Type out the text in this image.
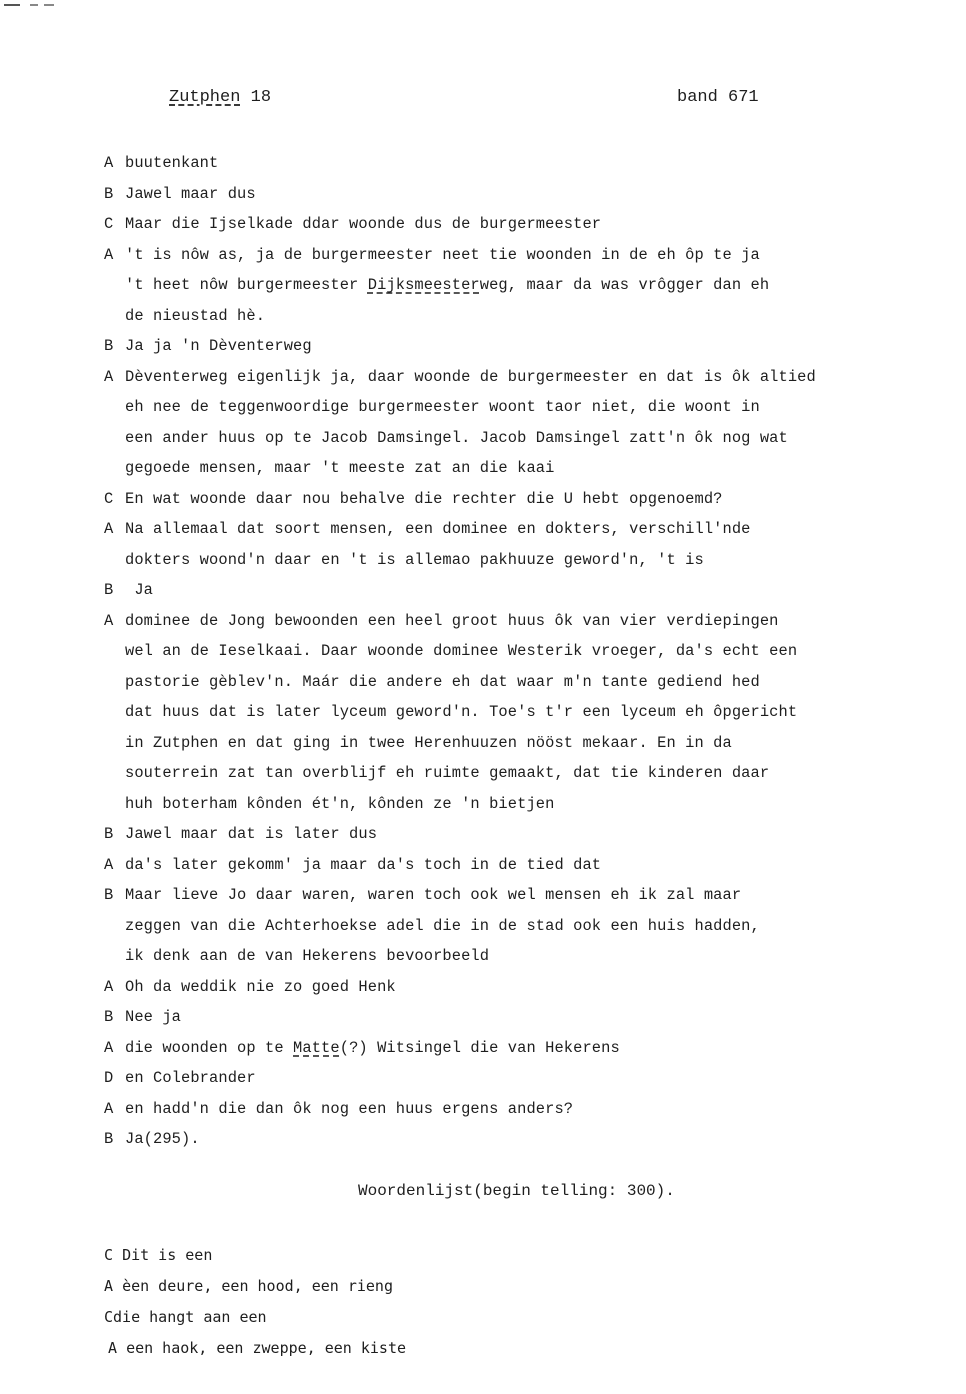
Zutphen 18	band 671
A buutenkant
B Jawel maar dus
C Maar die Ijselkade ddar woonde dus de burgermeester
A 't is nôw as, ja de burgermeester neet tie woonden in de eh ôp te ja
't heet nôw burgermeester Dijksmeesterweg, maar da was vrôgger dan eh
de nieustad hè.
B Ja ja 'n Dèventerweg
A Dèventerweg eigenlijk ja, daar woonde de burgermeester en dat is ôk altied
eh nee de teggenwoordige burgermeester woont taor niet, die woont in
een ander huus op te Jacob Damsingel. Jacob Damsingel zatt'n ôk nog wat
gegoede mensen, maar 't meeste zat an die kaai
C En wat woonde daar nou behalve die rechter die U hebt opgenoemd?
A Na allemaal dat soort mensen, een dominee en dokters, verschill'nde
dokters woond'n daar en 't is allemao pakhuuze geword'n, 't is
B Ja
A dominee de Jong bewoonden een heel groot huus ôk van vier verdiepingen
wel an de Ieselkaai. Daar woonde dominee Westerik vroeger, da's echt een
pastorie gèblev'n. Maár die andere eh dat waar m'n tante gediend hed
dat huus dat is later lyceum geword'n. Toe's t'r een lyceum eh ôpgericht
in Zutphen en dat ging in twee Herenhuuzen nööst mekaar. En in da
souterrein zat tan overblijf eh ruimte gemaakt, dat tie kinderen daar
huh boterham kônden ét'n, kônden ze 'n bietjen
B Jawel maar dat is later dus
A da's later gekomm' ja maar da's toch in de tied dat
B Maar lieve Jo daar waren, waren toch ook wel mensen eh ik zal maar
zeggen van die Achterhoekse adel die in de stad ook een huis hadden,
ik denk aan de van Hekerens bevoorbeeld
A Oh da weddik nie zo goed Henk
B Nee ja
A die woonden op te Matte(?) Witsingel die van Hekerens
D en Colebrander
A en hadd'n die dan ôk nog een huus ergens anders?
B Ja(295).
Woordenlijst(begin telling: 300).
C Dit is een
A èen deure, een hood, een rieng
Cdie hangt aan een
A een haok, een zweppe, een kiste
